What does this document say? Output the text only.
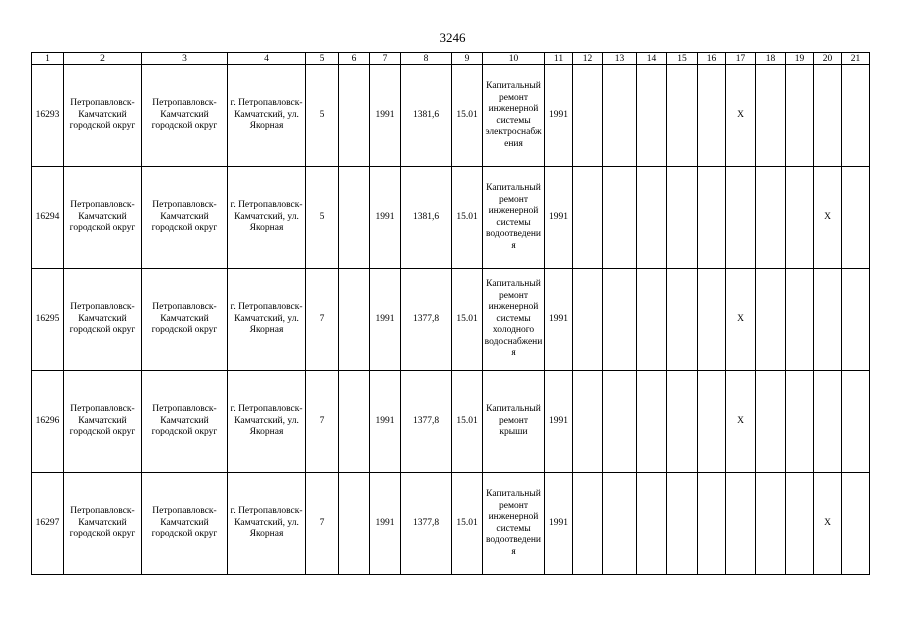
3246
1	2	3	4	5	6	7	8	9	10	11	12	13	14	15	16	17	18	19	20	21
16293	Петропавловск-Камчатский городской округ	Петропавловск-Камчатский городской округ	г. Петропавловск-Камчатский, ул. Якорная	5		1991	1381,6	15.01	Капитальный ремонт инженерной системы электроснабжения	1991						X				
16294	Петропавловск-Камчатский городской округ	Петропавловск-Камчатский городской округ	г. Петропавловск-Камчатский, ул. Якорная	5		1991	1381,6	15.01	Капитальный ремонт инженерной системы водоотведения	1991									X	
16295	Петропавловск-Камчатский городской округ	Петропавловск-Камчатский городской округ	г. Петропавловск-Камчатский, ул. Якорная	7		1991	1377,8	15.01	Капитальный ремонт инженерной системы холодного водоснабжения	1991						X				
16296	Петропавловск-Камчатский городской округ	Петропавловск-Камчатский городской округ	г. Петропавловск-Камчатский, ул. Якорная	7		1991	1377,8	15.01	Капитальный ремонт крыши	1991						X				
16297	Петропавловск-Камчатский городской округ	Петропавловск-Камчатский городской округ	г. Петропавловск-Камчатский, ул. Якорная	7		1991	1377,8	15.01	Капитальный ремонт инженерной системы водоотведения	1991									X	
